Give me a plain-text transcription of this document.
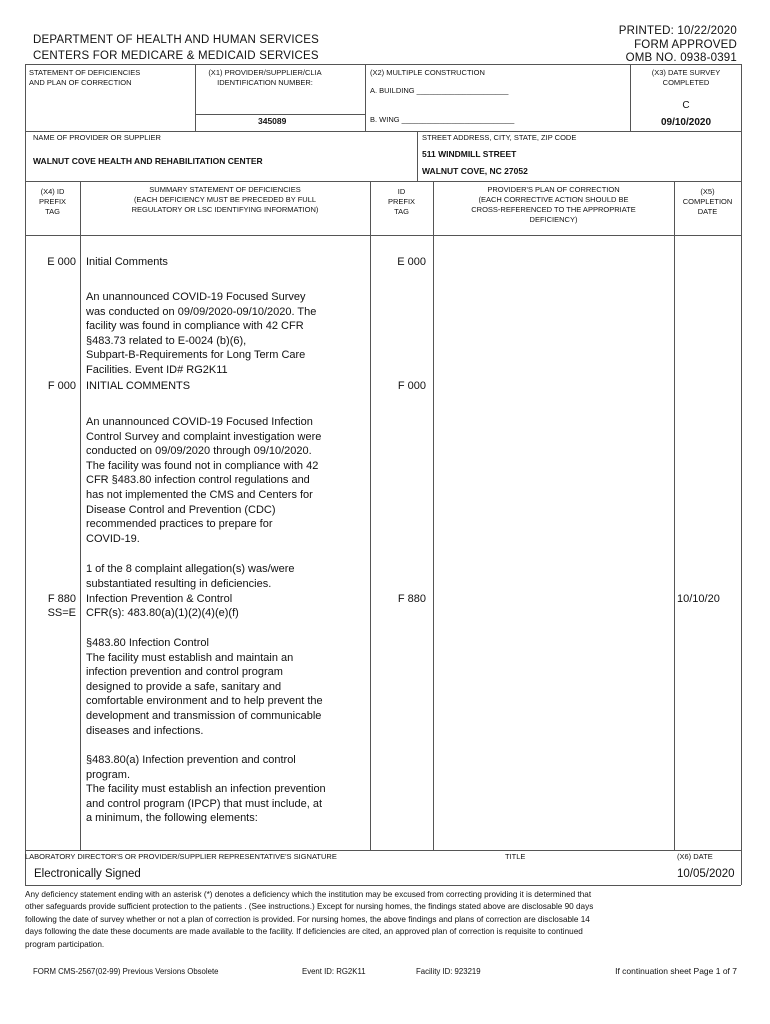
DEPARTMENT OF HEALTH AND HUMAN SERVICES
CENTERS FOR MEDICARE & MEDICAID SERVICES
PRINTED: 10/22/2020
FORM APPROVED
OMB NO. 0938-0391
STATEMENT OF DEFICIENCIES
AND PLAN OF CORRECTION
(X1) PROVIDER/SUPPLIER/CLIA
IDENTIFICATION NUMBER:
345089
(X2) MULTIPLE CONSTRUCTION
A. BUILDING ______________________
B. WING ___________________________
(X3) DATE SURVEY
COMPLETED
C
09/10/2020
NAME OF PROVIDER OR SUPPLIER
WALNUT COVE HEALTH AND REHABILITATION CENTER
STREET ADDRESS, CITY, STATE, ZIP CODE
511 WINDMILL STREET
WALNUT COVE, NC 27052
(X4) ID
PREFIX
TAG
SUMMARY STATEMENT OF DEFICIENCIES
(EACH DEFICIENCY MUST BE PRECEDED BY FULL
REGULATORY OR LSC IDENTIFYING INFORMATION)
ID
PREFIX
TAG
PROVIDER'S PLAN OF CORRECTION
(EACH CORRECTIVE ACTION SHOULD BE
CROSS-REFERENCED TO THE APPROPRIATE
DEFICIENCY)
(X5)
COMPLETION
DATE
E 000 Initial Comments	E 000
An unannounced COVID-19 Focused Survey
was conducted on 09/09/2020-09/10/2020. The
facility was found in compliance with 42 CFR
§483.73 related to E-0024 (b)(6),
Subpart-B-Requirements for Long Term Care
Facilities. Event ID# RG2K11
F 000 INITIAL COMMENTS	F 000
An unannounced COVID-19 Focused Infection
Control Survey and complaint investigation were
conducted on 09/09/2020 through 09/10/2020.
The facility was found not in compliance with 42
CFR §483.80 infection control regulations and
has not implemented the CMS and Centers for
Disease Control and Prevention (CDC)
recommended practices to prepare for
COVID-19.
1 of the 8 complaint allegation(s) was/were
substantiated resulting in deficiencies.
F 880
SS=E
Infection Prevention & Control
CFR(s): 483.80(a)(1)(2)(4)(e)(f)
F 880	10/10/20
§483.80 Infection Control
The facility must establish and maintain an
infection prevention and control program
designed to provide a safe, sanitary and
comfortable environment and to help prevent the
development and transmission of communicable
diseases and infections.
§483.80(a) Infection prevention and control
program.
The facility must establish an infection prevention
and control program (IPCP) that must include, at
a minimum, the following elements:
LABORATORY DIRECTOR'S OR PROVIDER/SUPPLIER REPRESENTATIVE'S SIGNATURE
Electronically Signed
TITLE	(X6) DATE
10/05/2020
Any deficiency statement ending with an asterisk (*) denotes a deficiency which the institution may be excused from correcting providing it is determined that
other safeguards provide sufficient protection to the patients . (See instructions.) Except for nursing homes, the findings stated above are disclosable 90 days
following the date of survey whether or not a plan of correction is provided. For nursing homes, the above findings and plans of correction are disclosable 14
days following the date these documents are made available to the facility. If deficiencies are cited, an approved plan of correction is requisite to continued
program participation.
FORM CMS-2567(02-99) Previous Versions Obsolete	Event ID: RG2K11	Facility ID: 923219	If continuation sheet Page 1 of 7
